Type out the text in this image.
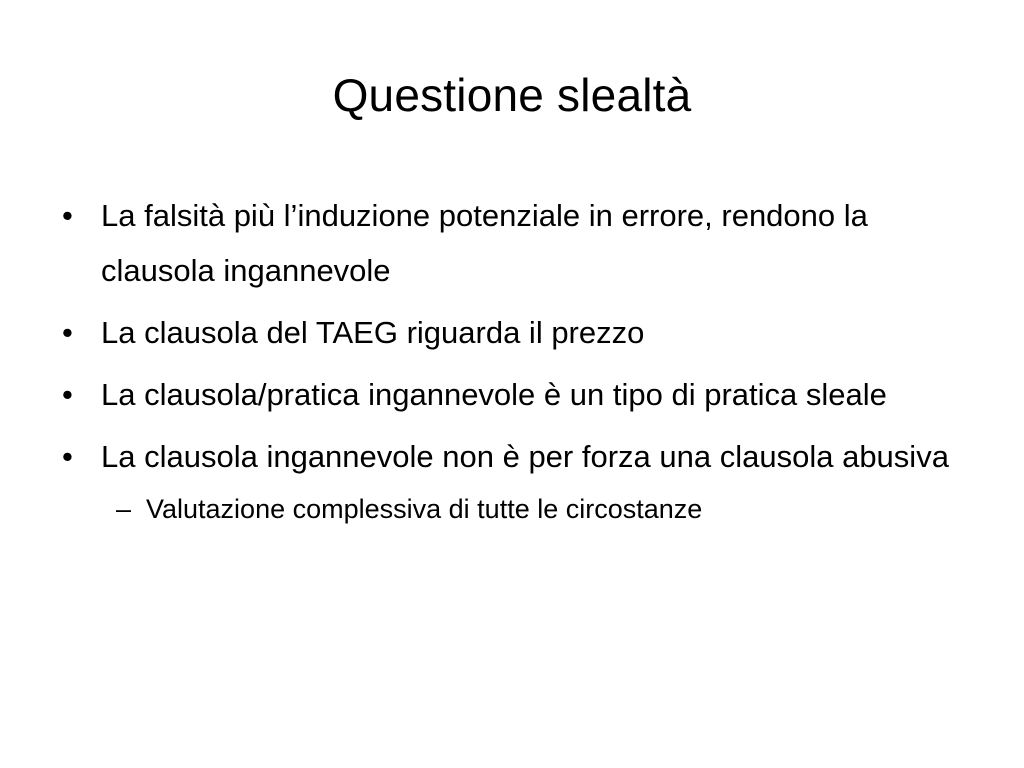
Questione slealtà
• La falsità più l’induzione potenziale in errore, rendono la clausola ingannevole
• La clausola del TAEG riguarda il prezzo
• La clausola/pratica ingannevole è un tipo di pratica sleale
• La clausola ingannevole non è per forza una clausola abusiva
– Valutazione complessiva di tutte le circostanze
